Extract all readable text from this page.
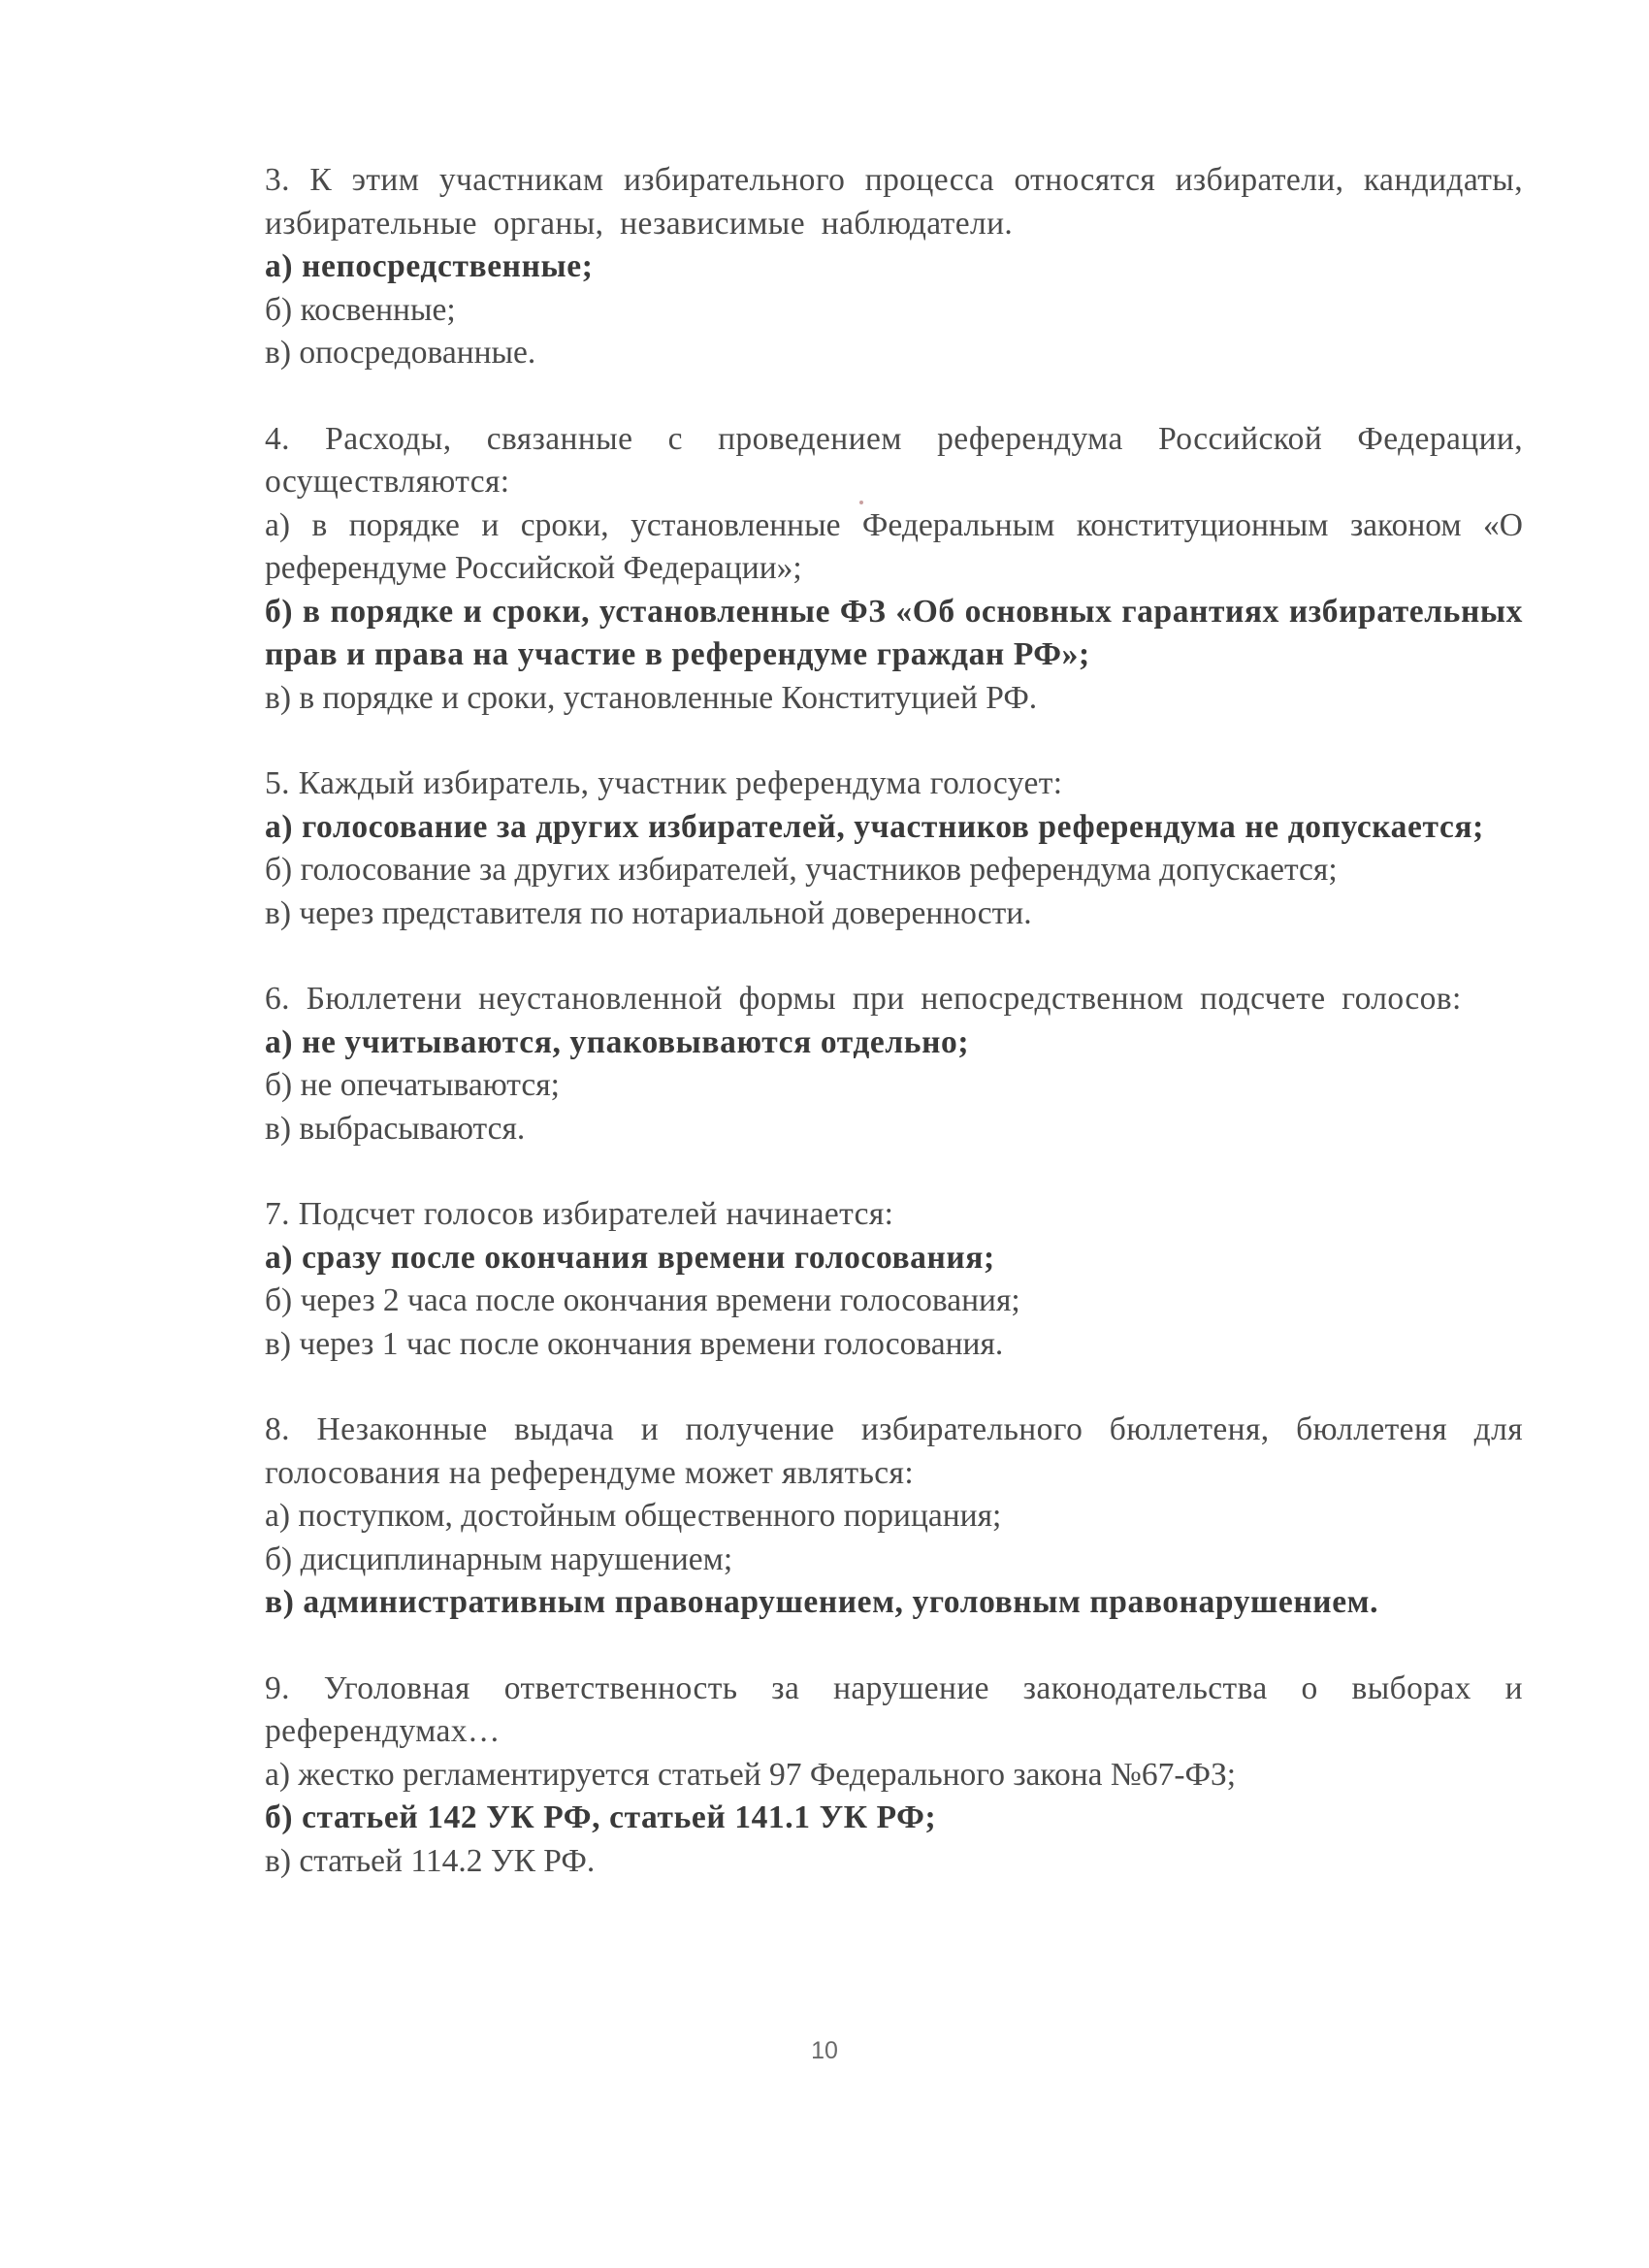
3. К этим участникам избирательного процесса относятся избиратели, кандидаты, избирательные органы, независимые наблюдатели.
а) непосредственные;
б) косвенные;
в) опосредованные.
4. Расходы, связанные с проведением референдума Российской Федерации, осуществляются:
а) в порядке и сроки, установленные Федеральным конституционным законом «О референдуме Российской Федерации»;
б) в порядке и сроки, установленные ФЗ «Об основных гарантиях избирательных прав и права на участие в референдуме граждан РФ»;
в) в порядке и сроки, установленные Конституцией РФ.
5. Каждый избиратель, участник референдума голосует:
а) голосование за других избирателей, участников референдума не допускается;
б) голосование за других избирателей, участников референдума допускается;
в) через представителя по нотариальной доверенности.
6. Бюллетени неустановленной формы при непосредственном подсчете голосов:
а) не учитываются, упаковываются отдельно;
б) не опечатываются;
в) выбрасываются.
7. Подсчет голосов избирателей начинается:
а) сразу после окончания времени голосования;
б) через 2 часа после окончания времени голосования;
в) через 1 час после окончания времени голосования.
8. Незаконные выдача и получение избирательного бюллетеня, бюллетеня для голосования на референдуме может являться:
а) поступком, достойным общественного порицания;
б) дисциплинарным нарушением;
в) административным правонарушением, уголовным правонарушением.
9. Уголовная ответственность за нарушение законодательства о выборах и референдумах…
а) жестко регламентируется статьей 97 Федерального закона №67-ФЗ;
б) статьей 142 УК РФ, статьей 141.1 УК РФ;
в) статьей 114.2 УК РФ.
10
